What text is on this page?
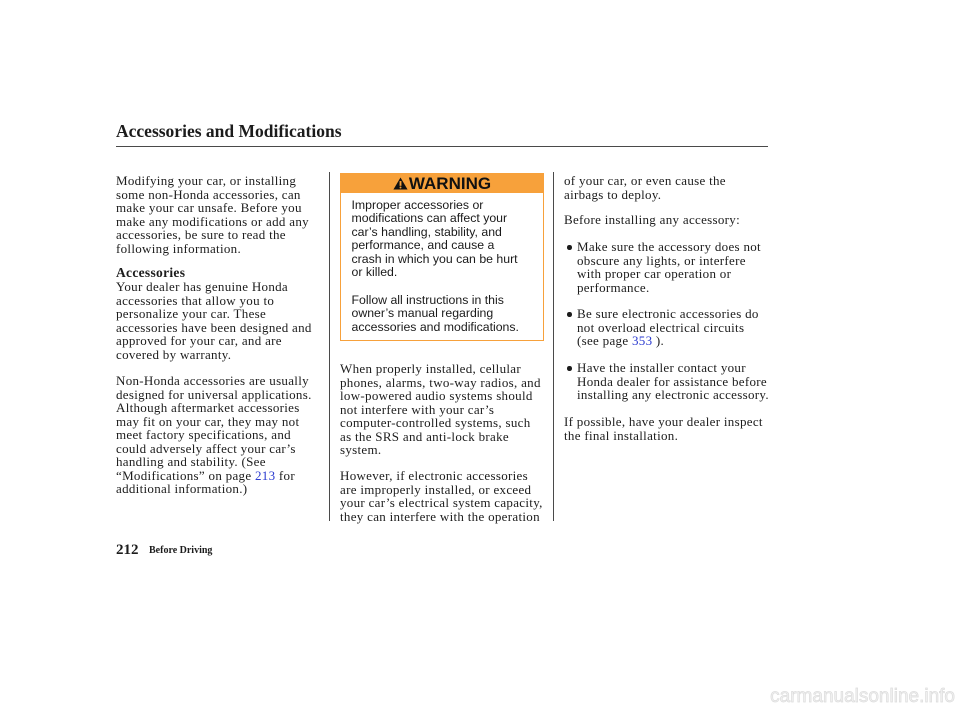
Accessories and Modifications
Modifying your car, or installing
some non-Honda accessories, can
make your car unsafe. Before you
make any modifications or add any
accessories, be sure to read the
following information.
Accessories
Your dealer has genuine Honda
accessories that allow you to
personalize your car. These
accessories have been designed and
approved for your car, and are
covered by warranty.
Non-Honda accessories are usually
designed for universal applications.
Although aftermarket accessories
may fit on your car, they may not
meet factory specifications, and
could adversely affect your car’s
handling and stability. (See
“Modifications” on page 213 for
additional information.)
WARNING
Improper accessories or
modifications can affect your
car’s handling, stability, and
performance, and cause a
crash in which you can be hurt
or killed.
Follow all instructions in this
owner’s manual regarding
accessories and modifications.
When properly installed, cellular
phones, alarms, two-way radios, and
low-powered audio systems should
not interfere with your car’s
computer-controlled systems, such
as the SRS and anti-lock brake
system.
However, if electronic accessories
are improperly installed, or exceed
your car’s electrical system capacity,
they can interfere with the operation
of your car, or even cause the
airbags to deploy.
Before installing any accessory:
Make sure the accessory does not
obscure any lights, or interfere
with proper car operation or
performance.
Be sure electronic accessories do
not overload electrical circuits
(see page 353 ).
Have the installer contact your
Honda dealer for assistance before
installing any electronic accessory.
If possible, have your dealer inspect
the final installation.
212 Before Driving
carmanualsonline.info
